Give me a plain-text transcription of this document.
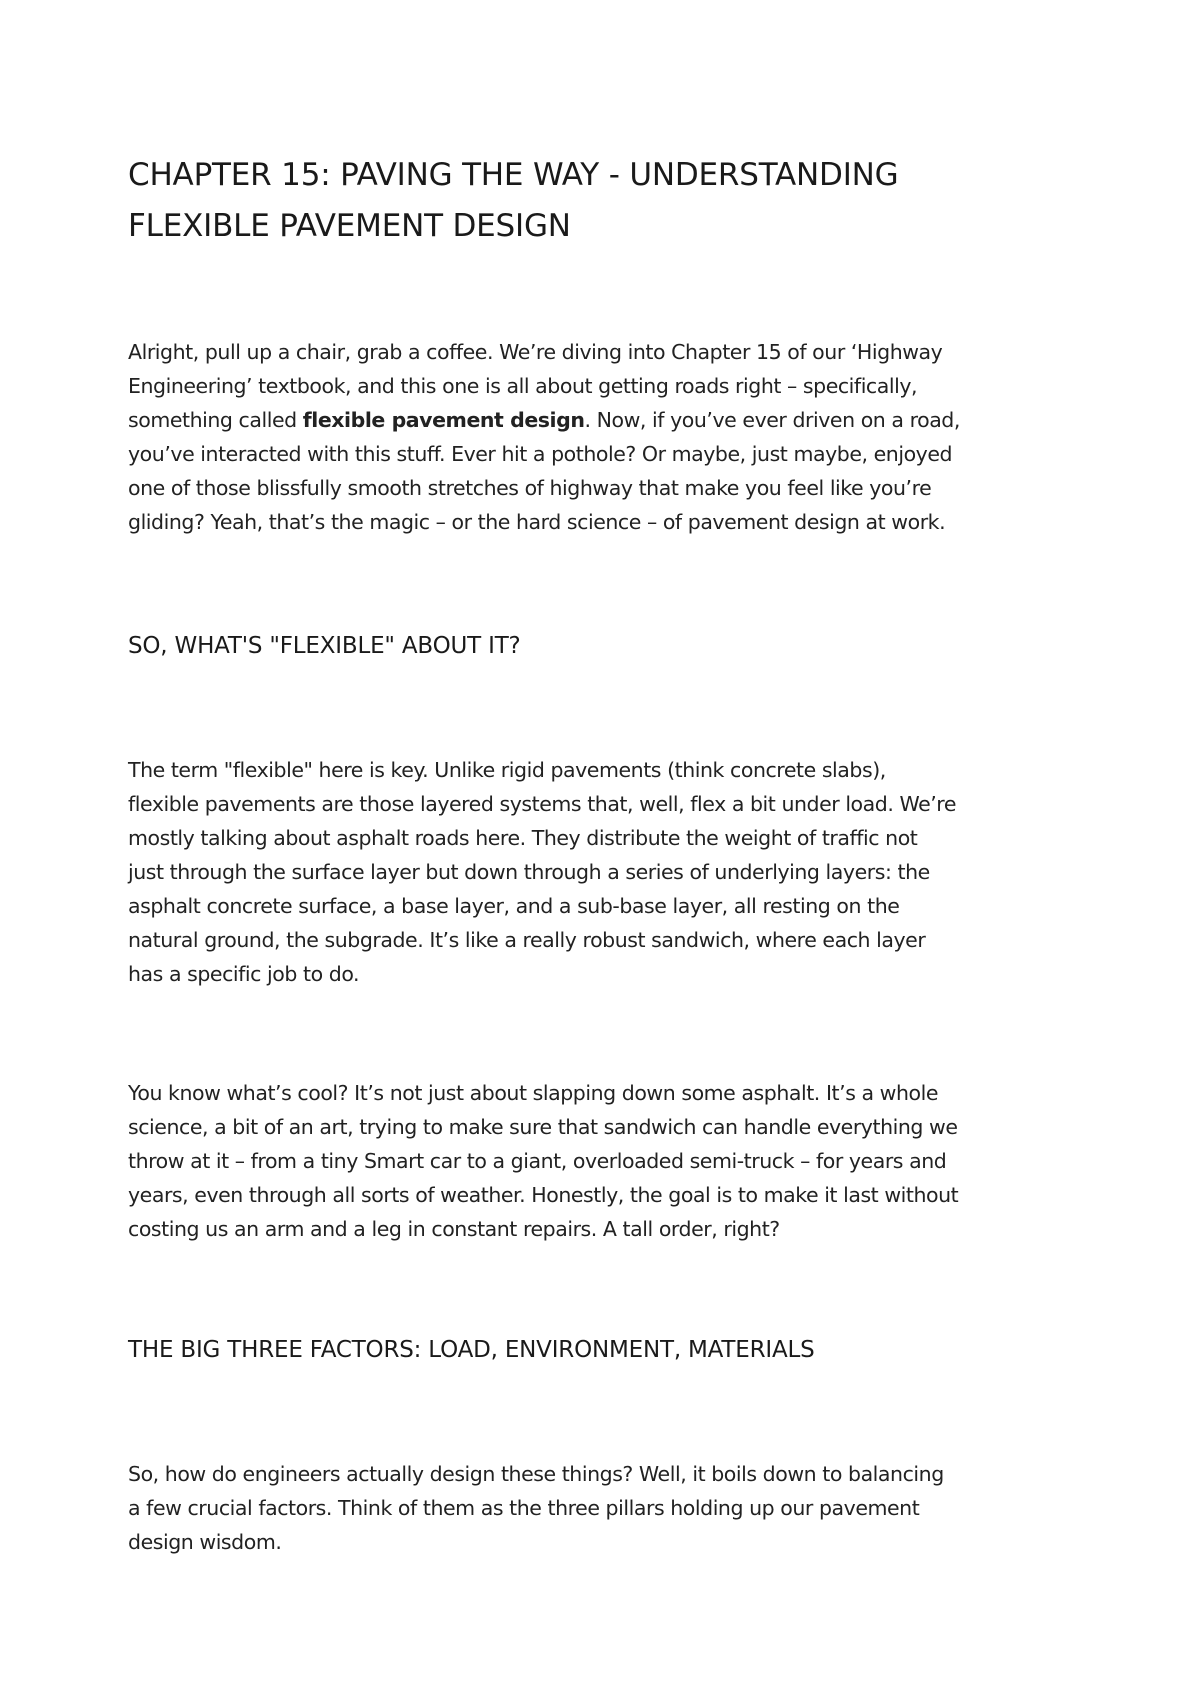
CHAPTER 15: PAVING THE WAY - UNDERSTANDING
FLEXIBLE PAVEMENT DESIGN

Alright, pull up a chair, grab a coffee. We’re diving into Chapter 15 of our ‘Highway
Engineering’ textbook, and this one is all about getting roads right – specifically,
something called flexible pavement design. Now, if you’ve ever driven on a road,
you’ve interacted with this stuff. Ever hit a pothole? Or maybe, just maybe, enjoyed
one of those blissfully smooth stretches of highway that make you feel like you’re
gliding? Yeah, that’s the magic – or the hard science – of pavement design at work.

SO, WHAT'S "FLEXIBLE" ABOUT IT?

The term "flexible" here is key. Unlike rigid pavements (think concrete slabs),
flexible pavements are those layered systems that, well, flex a bit under load. We’re
mostly talking about asphalt roads here. They distribute the weight of traffic not
just through the surface layer but down through a series of underlying layers: the
asphalt concrete surface, a base layer, and a sub-base layer, all resting on the
natural ground, the subgrade. It’s like a really robust sandwich, where each layer
has a specific job to do.

You know what’s cool? It’s not just about slapping down some asphalt. It’s a whole
science, a bit of an art, trying to make sure that sandwich can handle everything we
throw at it – from a tiny Smart car to a giant, overloaded semi-truck – for years and
years, even through all sorts of weather. Honestly, the goal is to make it last without
costing us an arm and a leg in constant repairs. A tall order, right?

THE BIG THREE FACTORS: LOAD, ENVIRONMENT, MATERIALS

So, how do engineers actually design these things? Well, it boils down to balancing
a few crucial factors. Think of them as the three pillars holding up our pavement
design wisdom.
